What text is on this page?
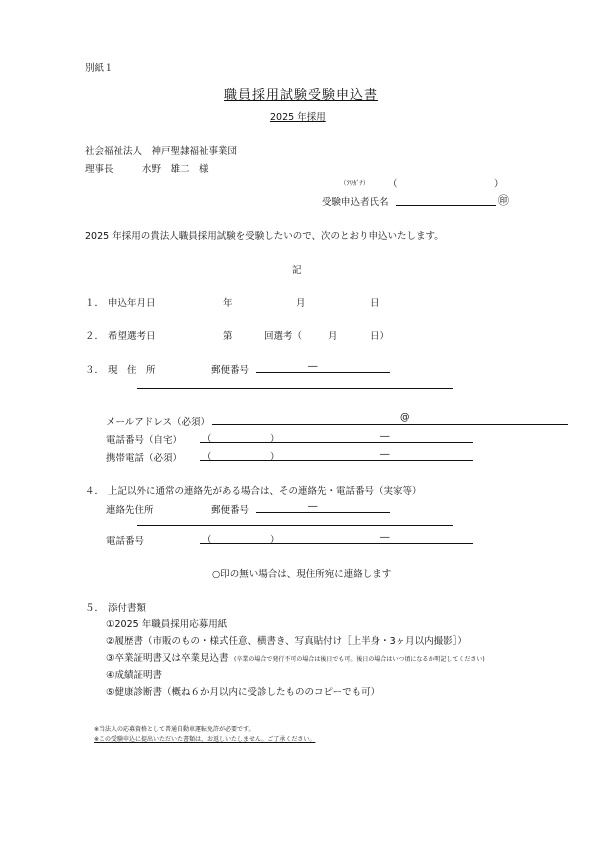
別紙１
職員採用試験受験申込書
2025 年採用
社会福祉法人　神戸聖隷福祉事業団
理事長　　　水野　雄二　様
（ﾌﾘｶﾞﾅ） （	）
受験申込者氏名	㊞
2025 年採用の貴法人職員採用試験を受験したいので、次のとおり申込いたします。
記
１． 申込年月日	年	月	日
２． 希望選考日	第	回選考（	月	日）
３． 現　住　所	郵便番号	―
メールアドレス（必須）	@
電話番号（自宅） （	）	―
携帯電話（必須） （	）	―
４． 上記以外に通常の連絡先がある場合は、その連絡先・電話番号（実家等）
連絡先住所	郵便番号	―
電話番号	（	）	―
○印の無い場合は、現住所宛に連絡します
５． 添付書類
①2025 年職員採用応募用紙
②履歴書（市販のもの・様式任意、横書き、写真貼付け［上半身・3ヶ月以内撮影］）
③卒業証明書又は卒業見込書 (卒業の場合で発行不可の場合は後日でも可。後日の場合はいつ頃になるか明記してください)
④成績証明書
⑤健康診断書（概ね６か月以内に受診したもののコピーでも可）
※当法人の応募資格として普通自動車運転免許が必要です。
※この受験申込に提出いただいた書類は、お返しいたしません。ご了承ください。
